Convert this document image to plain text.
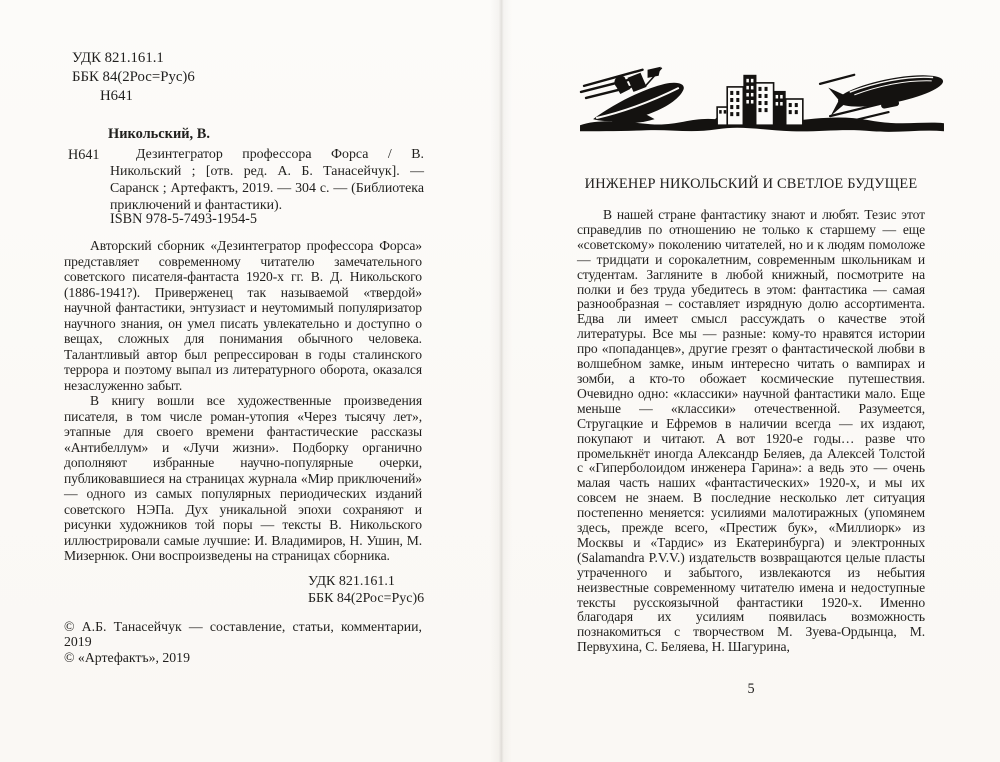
УДК 821.161.1
ББК 84(2Рос=Рус)6
Н641
Никольский, В.
Н641	Дезинтегратор профессора Форса / В. Никольский ; [отв. ред. А. Б. Танасейчук]. — Саранск ; Артефактъ, 2019. — 304 с. — (Библиотека приключений и фантастики).

ISBN 978-5-7493-1954-5

Авторский сборник «Дезинтегратор профессора Форса» представляет современному читателю замечательного советского писателя-фантаста 1920-х гг. В. Д. Никольского (1886-1941?). Приверженец так называемой «твердой» научной фантастики, энтузиаст и неутомимый популяризатор научного знания, он умел писать увлекательно и доступно о вещах, сложных для понимания обычного человека. Талантливый автор был репрессирован в годы сталинского террора и поэтому выпал из литературного оборота, оказался незаслуженно забыт.

В книгу вошли все художественные произведения писателя, в том числе роман-утопия «Через тысячу лет», этапные для своего времени фантастические рассказы «Антибеллум» и «Лучи жизни». Подборку органично дополняют избранные научно-популярные очерки, публиковавшиеся на страницах журнала «Мир приключений» — одного из самых популярных периодических изданий советского НЭПа. Дух уникальной эпохи сохраняют и рисунки художников той поры — тексты В. Никольского иллюстрировали самые лучшие: И. Владимиров, Н. Ушин, М. Мизернюк. Они воспроизведены на страницах сборника.

УДК 821.161.1
ББК 84(2Рос=Рус)6

© А.Б. Танасейчук — составление, статьи, комментарии, 2019

© «Артефактъ», 2019

ИНЖЕНЕР НИКОЛЬСКИЙ И СВЕТЛОЕ БУДУЩЕЕ

В нашей стране фантастику знают и любят. Тезис этот справедлив по отношению не только к старшему — еще «советскому» поколению читателей, но и к людям помоложе — тридцати и сорокалетним, современным школьникам и студентам. Загляните в любой книжный, посмотрите на полки и без труда убедитесь в этом: фантастика — самая разнообразная – составляет изрядную долю ассортимента. Едва ли имеет смысл рассуждать о качестве этой литературы. Все мы — разные: кому-то нравятся истории про «попаданцев», другие грезят о фантастической любви в волшебном замке, иным интересно читать о вампирах и зомби, а кто-то обожает космические путешествия. Очевидно одно: «классики» научной фантастики мало. Еще меньше — «классики» отечественной. Разумеется, Стругацкие и Ефремов в наличии всегда — их издают, покупают и читают. А вот 1920-е годы… разве что промелькнёт иногда Александр Беляев, да Алексей Толстой с «Гиперболоидом инженера Гарина»: а ведь это — очень малая часть наших «фантастических» 1920-х, и мы их совсем не знаем. В последние несколько лет ситуация постепенно меняется: усилиями малотиражных (упомянем здесь, прежде всего, «Престиж бук», «Миллиорк» из Москвы и «Тардис» из Екатеринбурга) и электронных (Salamandra P.V.V.) издательств возвращаются целые пласты утраченного и забытого, извлекаются из небытия неизвестные современному читателю имена и недоступные тексты русскоязычной фантастики 1920-х. Именно благодаря их усилиям появилась возможность познакомиться с творчеством М. Зуева-Ордынца, М. Первухина, С. Беляева, Н. Шагурина,

5
